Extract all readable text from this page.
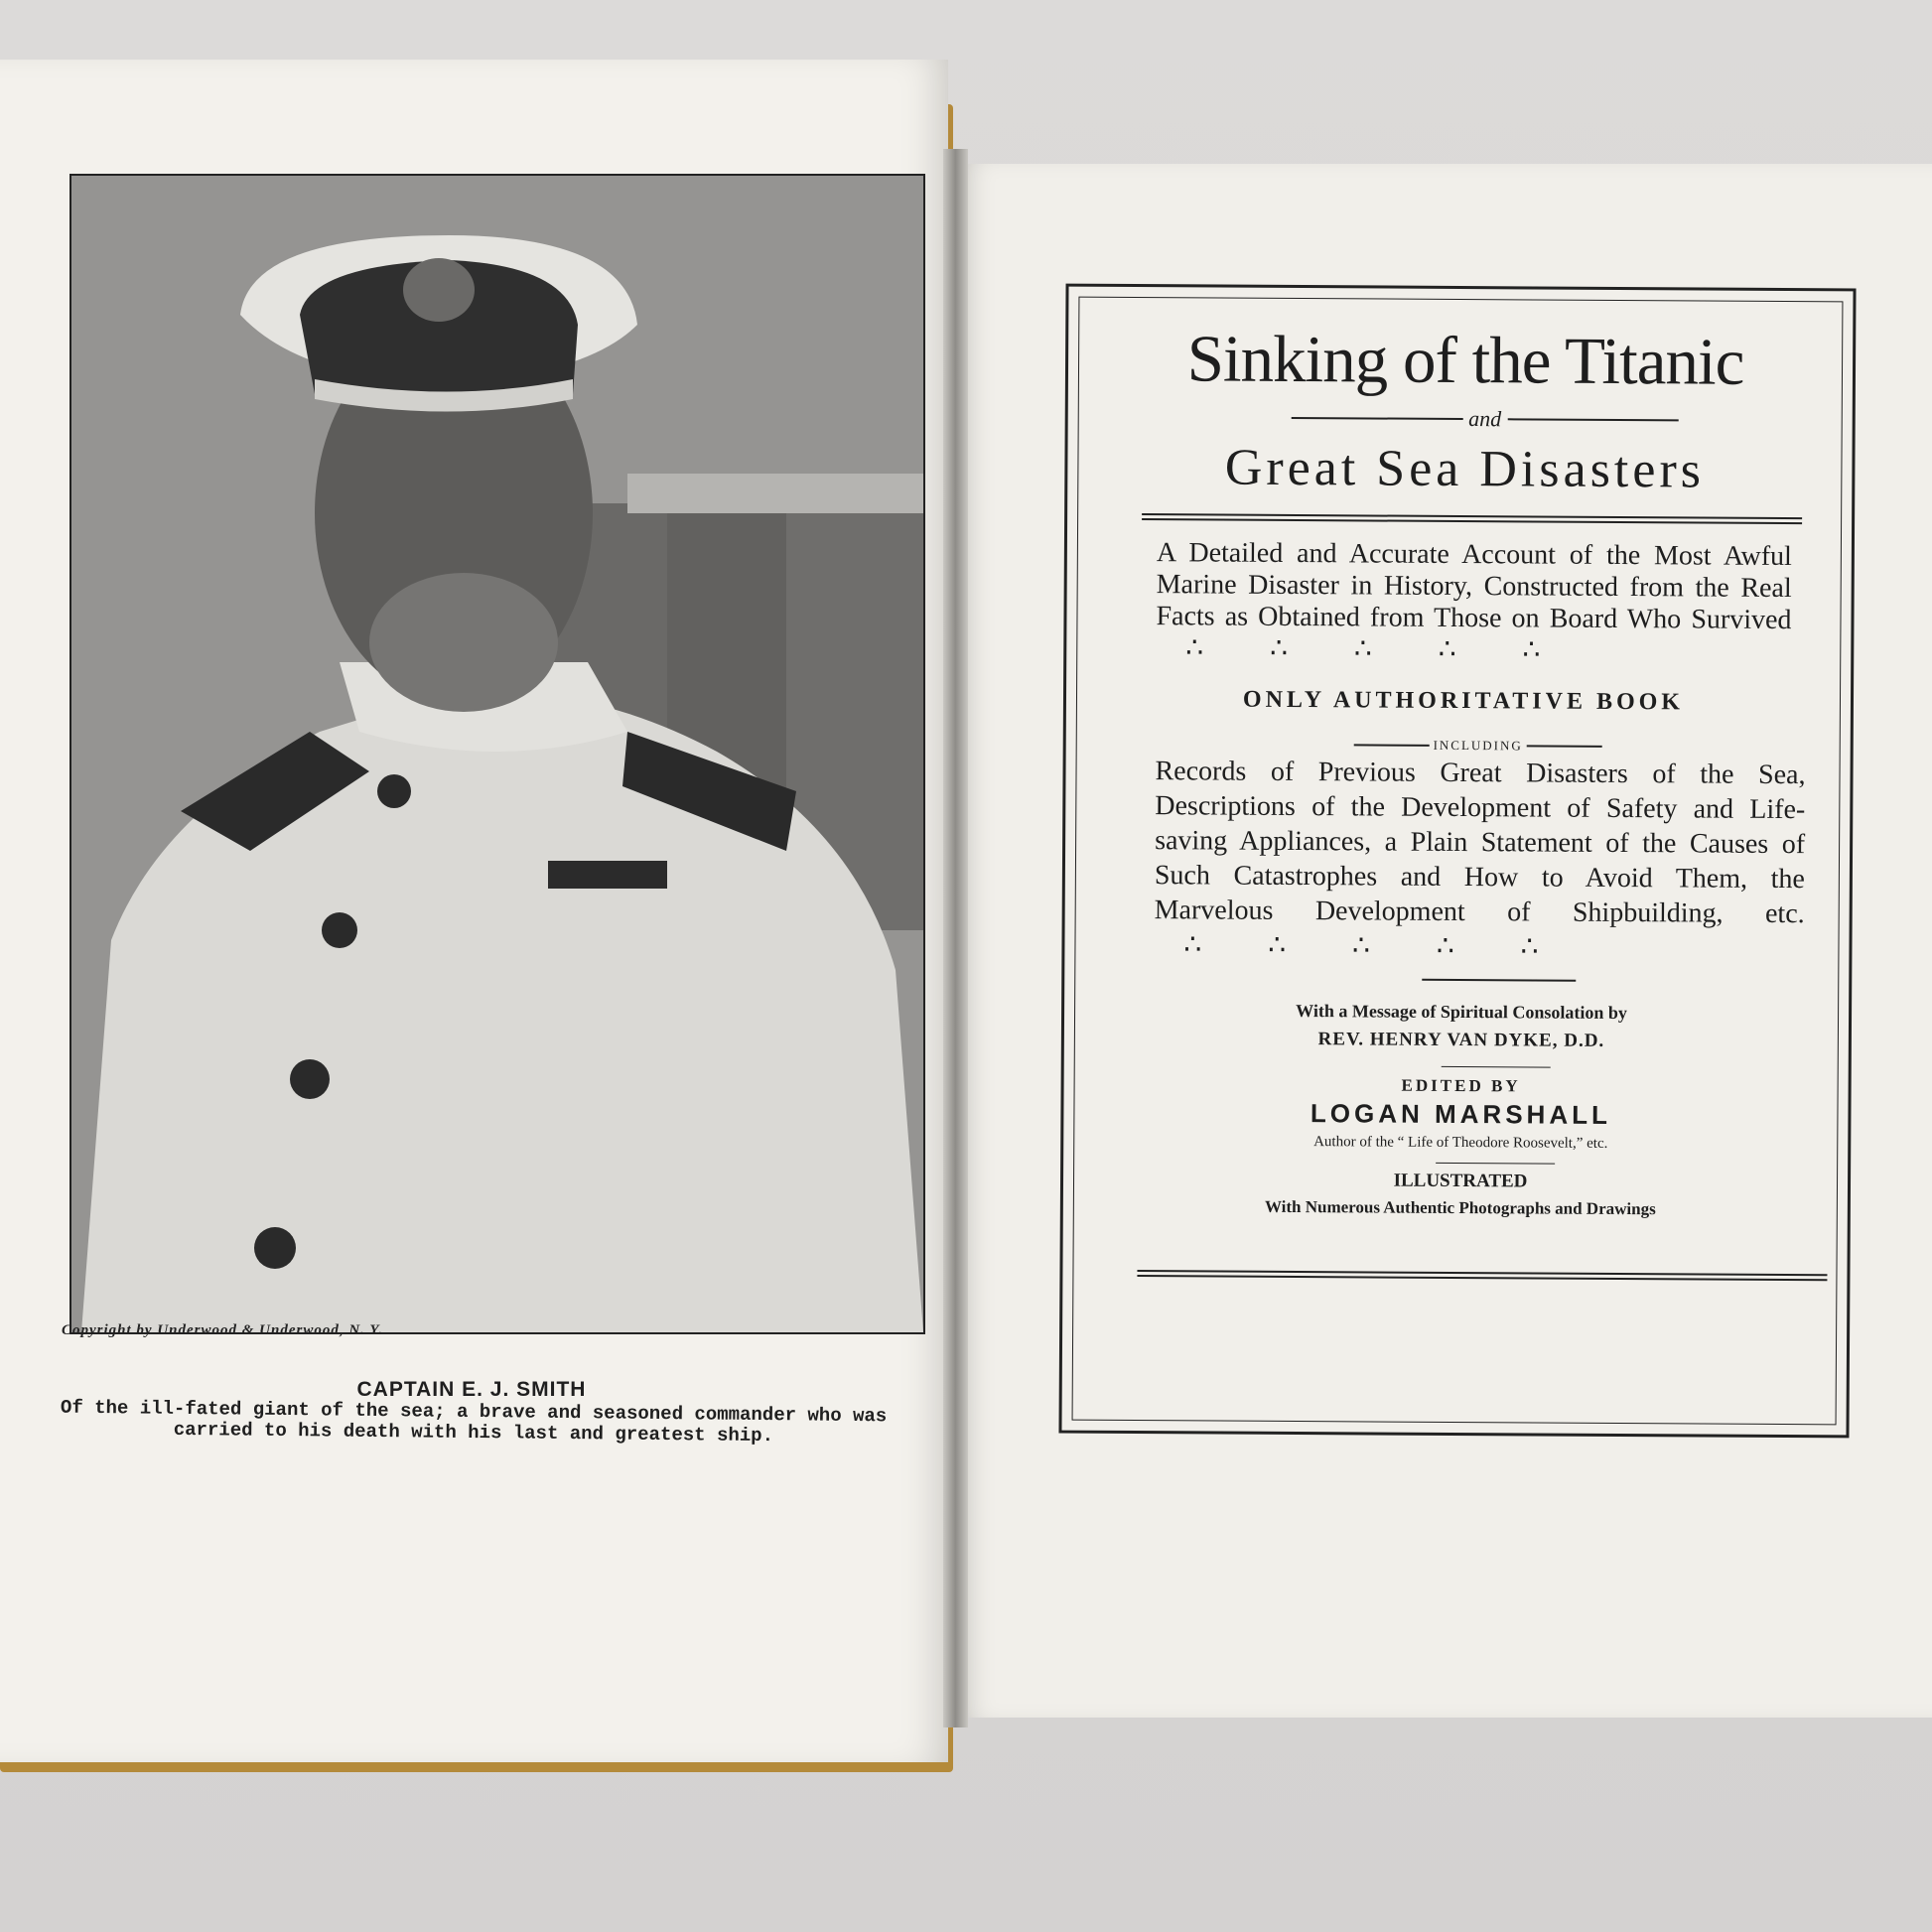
Copyright by Underwood & Underwood, N. Y.
CAPTAIN E. J. SMITH
Of the ill-fated giant of the sea; a brave and seasoned commander who was carried to his death with his last and greatest ship.
Sinking of the Titanic
and
Great Sea Disasters
A Detailed and Accurate Account of the Most Awful Marine Disaster in History, Constructed from the Real Facts as Obtained from Those on Board Who Survived ∴ ∴ ∴ ∴ ∴
ONLY AUTHORITATIVE BOOK
INCLUDING
Records of Previous Great Disasters of the Sea, Descriptions of the Development of Safety and Life-saving Appliances, a Plain Statement of the Causes of Such Catastrophes and How to Avoid Them, the Marvelous Development of Shipbuilding, etc. ∴ ∴ ∴ ∴ ∴
With a Message of Spiritual Consolation by
REV. HENRY VAN DYKE, D.D.
EDITED BY
LOGAN MARSHALL
Author of the “ Life of Theodore Roosevelt,” etc.
ILLUSTRATED
With Numerous Authentic Photographs and Drawings
